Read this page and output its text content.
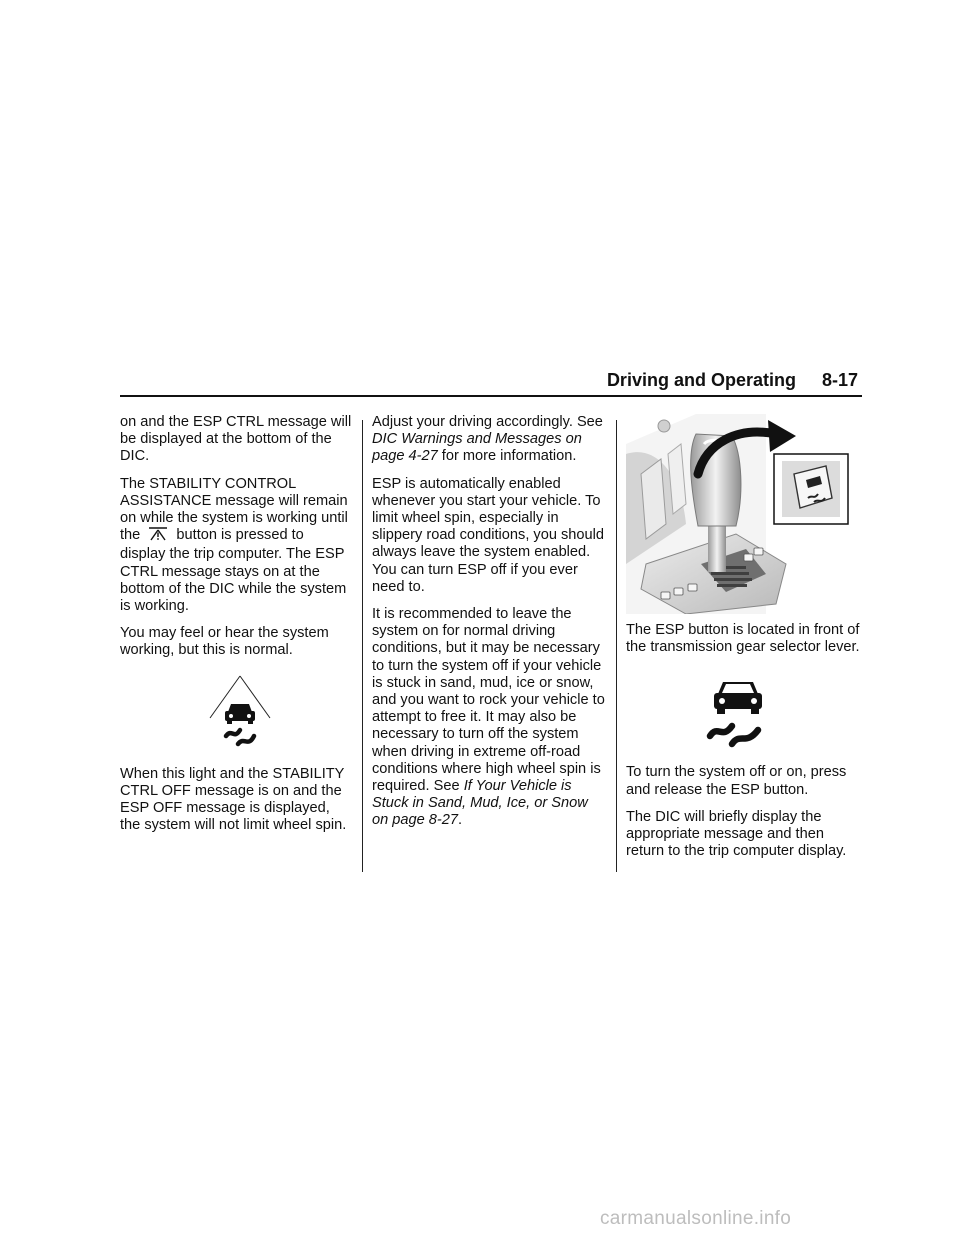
Driving and Operating 8-17

on and the ESP CTRL message will be displayed at the bottom of the DIC.

The STABILITY CONTROL ASSISTANCE message will remain on while the system is working until the button is pressed to display the trip computer. The ESP CTRL message stays on at the bottom of the DIC while the system is working.

You may feel or hear the system working, but this is normal.

When this light and the STABILITY CTRL OFF message is on and the ESP OFF message is displayed, the system will not limit wheel spin.

Adjust your driving accordingly. See DIC Warnings and Messages on page 4-27 for more information.

ESP is automatically enabled whenever you start your vehicle. To limit wheel spin, especially in slippery road conditions, you should always leave the system enabled. You can turn ESP off if you ever need to.

It is recommended to leave the system on for normal driving conditions, but it may be necessary to turn the system off if your vehicle is stuck in sand, mud, ice or snow, and you want to rock your vehicle to attempt to free it. It may also be necessary to turn off the system when driving in extreme off-road conditions where high wheel spin is required. See If Your Vehicle is Stuck in Sand, Mud, Ice, or Snow on page 8-27.

The ESP button is located in front of the transmission gear selector lever.

To turn the system off or on, press and release the ESP button.

The DIC will briefly display the appropriate message and then return to the trip computer display.

carmanualsonline.info
